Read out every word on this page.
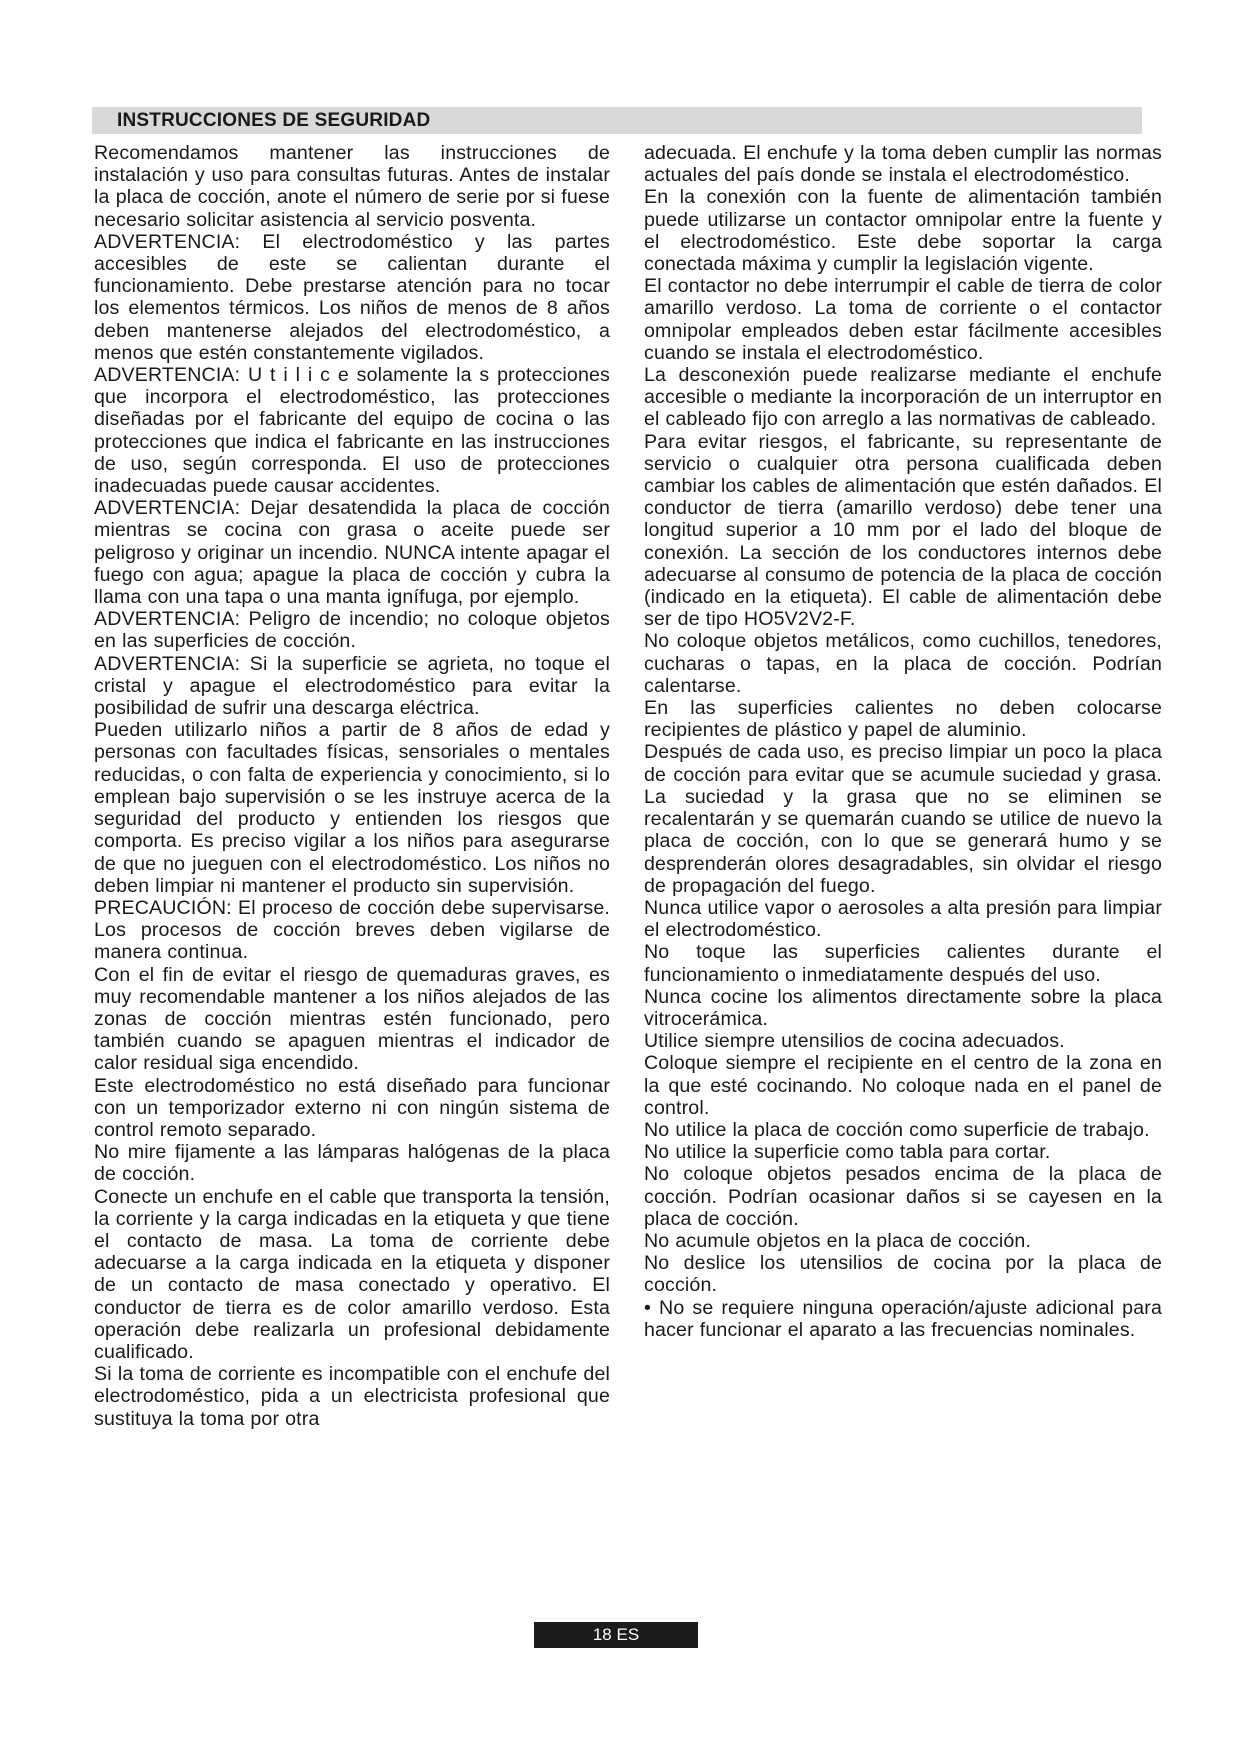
INSTRUCCIONES DE SEGURIDAD

Recomendamos mantener las instrucciones de instalación y uso para consultas futuras. Antes de instalar la placa de cocción, anote el número de serie por si fuese necesario solicitar asistencia al servicio posventa.

ADVERTENCIA: El electrodoméstico y las partes accesibles de este se calientan durante el funcionamiento. Debe prestarse atención para no tocar los elementos térmicos. Los niños de menos de 8 años deben mantenerse alejados del electrodoméstico, a menos que estén constantemente vigilados.

ADVERTENCIA: U t i l i c e solamente la s protecciones que incorpora el electrodoméstico, las protecciones diseñadas por el fabricante del equipo de cocina o las protecciones que indica el fabricante en las instrucciones de uso, según corresponda. El uso de protecciones inadecuadas puede causar accidentes.

ADVERTENCIA: Dejar desatendida la placa de cocción mientras se cocina con grasa o aceite puede ser peligroso y originar un incendio. NUNCA intente apagar el fuego con agua; apague la placa de cocción y cubra la llama con una tapa o una manta ignífuga, por ejemplo.

ADVERTENCIA: Peligro de incendio; no coloque objetos en las superficies de cocción.

ADVERTENCIA: Si la superficie se agrieta, no toque el cristal y apague el electrodoméstico para evitar la posibilidad de sufrir una descarga eléctrica.

Pueden utilizarlo niños a partir de 8 años de edad y personas con facultades físicas, sensoriales o mentales reducidas, o con falta de experiencia y conocimiento, si lo emplean bajo supervisión o se les instruye acerca de la seguridad del producto y entienden los riesgos que comporta. Es preciso vigilar a los niños para asegurarse de que no jueguen con el electrodoméstico. Los niños no deben limpiar ni mantener el producto sin supervisión.

PRECAUCIÓN: El proceso de cocción debe supervisarse. Los procesos de cocción breves deben vigilarse de manera continua.

Con el fin de evitar el riesgo de quemaduras graves, es muy recomendable mantener a los niños alejados de las zonas de cocción mientras estén funcionado, pero también cuando se apaguen mientras el indicador de calor residual siga encendido.

Este electrodoméstico no está diseñado para funcionar con un temporizador externo ni con ningún sistema de control remoto separado.

No mire fijamente a las lámparas halógenas de la placa de cocción.

Conecte un enchufe en el cable que transporta la tensión, la corriente y la carga indicadas en la etiqueta y que tiene el contacto de masa. La toma de corriente debe adecuarse a la carga indicada en la etiqueta y disponer de un contacto de masa conectado y operativo. El conductor de tierra es de color amarillo verdoso. Esta operación debe realizarla un profesional debidamente cualificado.

Si la toma de corriente es incompatible con el enchufe del electrodoméstico, pida a un electricista profesional que sustituya la toma por otra

adecuada. El enchufe y la toma deben cumplir las normas actuales del país donde se instala el electrodoméstico.

En la conexión con la fuente de alimentación también puede utilizarse un contactor omnipolar entre la fuente y el electrodoméstico. Este debe soportar la carga conectada máxima y cumplir la legislación vigente.

El contactor no debe interrumpir el cable de tierra de color amarillo verdoso. La toma de corriente o el contactor omnipolar empleados deben estar fácilmente accesibles cuando se instala el electrodoméstico.

La desconexión puede realizarse mediante el enchufe accesible o mediante la incorporación de un interruptor en el cableado fijo con arreglo a las normativas de cableado.

Para evitar riesgos, el fabricante, su representante de servicio o cualquier otra persona cualificada deben cambiar los cables de alimentación que estén dañados. El conductor de tierra (amarillo verdoso) debe tener una longitud superior a 10 mm por el lado del bloque de conexión. La sección de los conductores internos debe adecuarse al consumo de potencia de la placa de cocción (indicado en la etiqueta). El cable de alimentación debe ser de tipo HO5V2V2-F.

No coloque objetos metálicos, como cuchillos, tenedores, cucharas o tapas, en la placa de cocción. Podrían calentarse.

En las superficies calientes no deben colocarse recipientes de plástico y papel de aluminio.

Después de cada uso, es preciso limpiar un poco la placa de cocción para evitar que se acumule suciedad y grasa. La suciedad y la grasa que no se eliminen se recalentarán y se quemarán cuando se utilice de nuevo la placa de cocción, con lo que se generará humo y se desprenderán olores desagradables, sin olvidar el riesgo de propagación del fuego.

Nunca utilice vapor o aerosoles a alta presión para limpiar el electrodoméstico.

No toque las superficies calientes durante el funcionamiento o inmediatamente después del uso.

Nunca cocine los alimentos directamente sobre la placa vitrocerámica.

Utilice siempre utensilios de cocina adecuados.

Coloque siempre el recipiente en el centro de la zona en la que esté cocinando. No coloque nada en el panel de control.

No utilice la placa de cocción como superficie de trabajo.

No utilice la superficie como tabla para cortar.

No coloque objetos pesados encima de la placa de cocción. Podrían ocasionar daños si se cayesen en la placa de cocción.

No acumule objetos en la placa de cocción.

No deslice los utensilios de cocina por la placa de cocción.

• No se requiere ninguna operación/ajuste adicional para hacer funcionar el aparato a las frecuencias nominales.

18 ES
